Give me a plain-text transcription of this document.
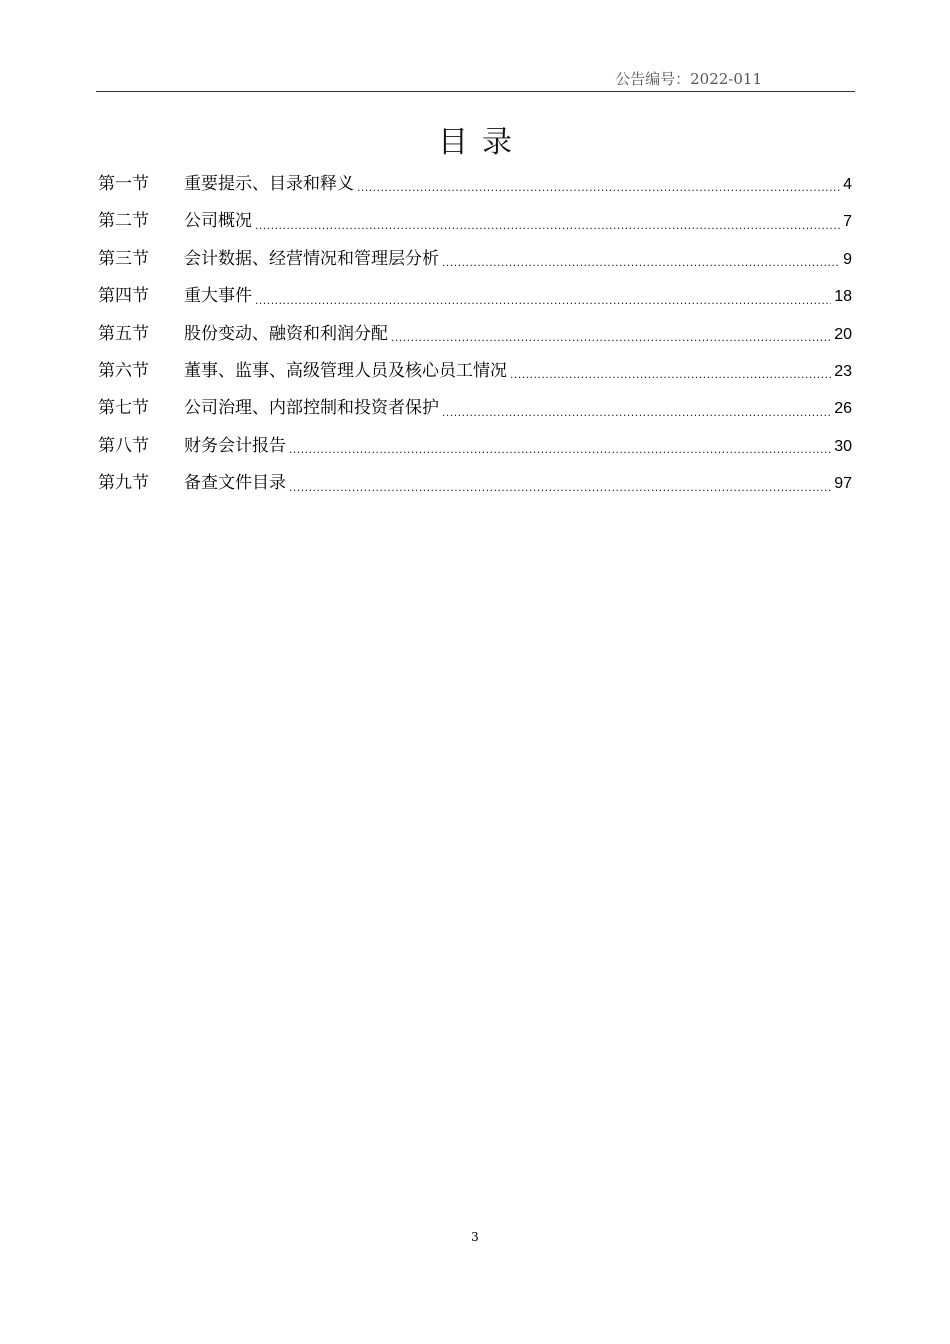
公告编号：2022-011
目录
第一节	重要提示、目录和释义 .....	4
第二节	公司概况 .....	7
第三节	会计数据、经营情况和管理层分析 .....	9
第四节	重大事件 .....	18
第五节	股份变动、融资和利润分配 .....	20
第六节	董事、监事、高级管理人员及核心员工情况 .....	23
第七节	公司治理、内部控制和投资者保护 .....	26
第八节	财务会计报告 .....	30
第九节	备查文件目录 .....	97
3
